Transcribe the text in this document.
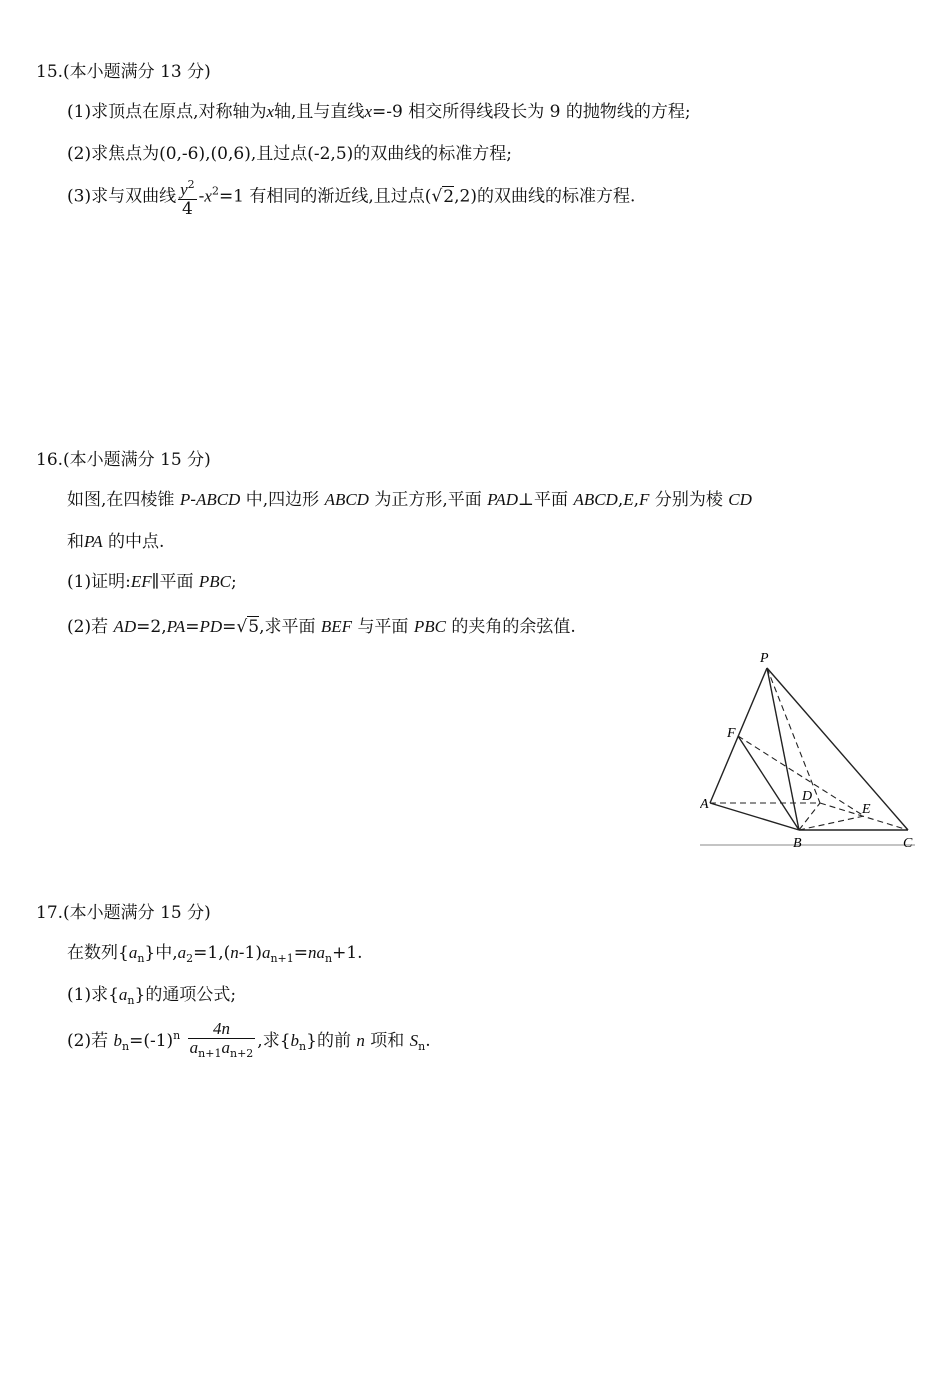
15.(本小题满分 13 分)
(1)求顶点在原点,对称轴为x轴,且与直线x=-9 相交所得线段长为 9 的抛物线的方程;
(2)求焦点为(0,-6),(0,6),且过点(-2,5)的双曲线的标准方程;
(3)求与双曲线 $\frac{y^2}{4} -x^2=1$ 有相同的渐近线,且过点(√2,2)的双曲线的标准方程.
16.(本小题满分 15 分)
如图,在四棱锥 P-ABCD 中,四边形 ABCD 为正方形,平面 PAD⊥平面 ABCD,E,F 分别为棱 CD
和PA 的中点.
(1)证明:EF∥平面 PBC;
(2)若 AD=2,PA=PD=√5,求平面 BEF 与平面 PBC 的夹角的余弦值.
P
F
A
D
E
B	C
17.(本小题满分 15 分)
在数列$\{a_n\}$中$,a_2=1,(n-1)a_{n+1}=na_n+1$.
(1)求$\{a_n\}$的通项公式;
(2)若 $b_n=(-1)^n \frac{4n}{a_{n+1}a_{n+2}}$ ,求$\{b_n\}$的前 n 项和 $S_n$.
